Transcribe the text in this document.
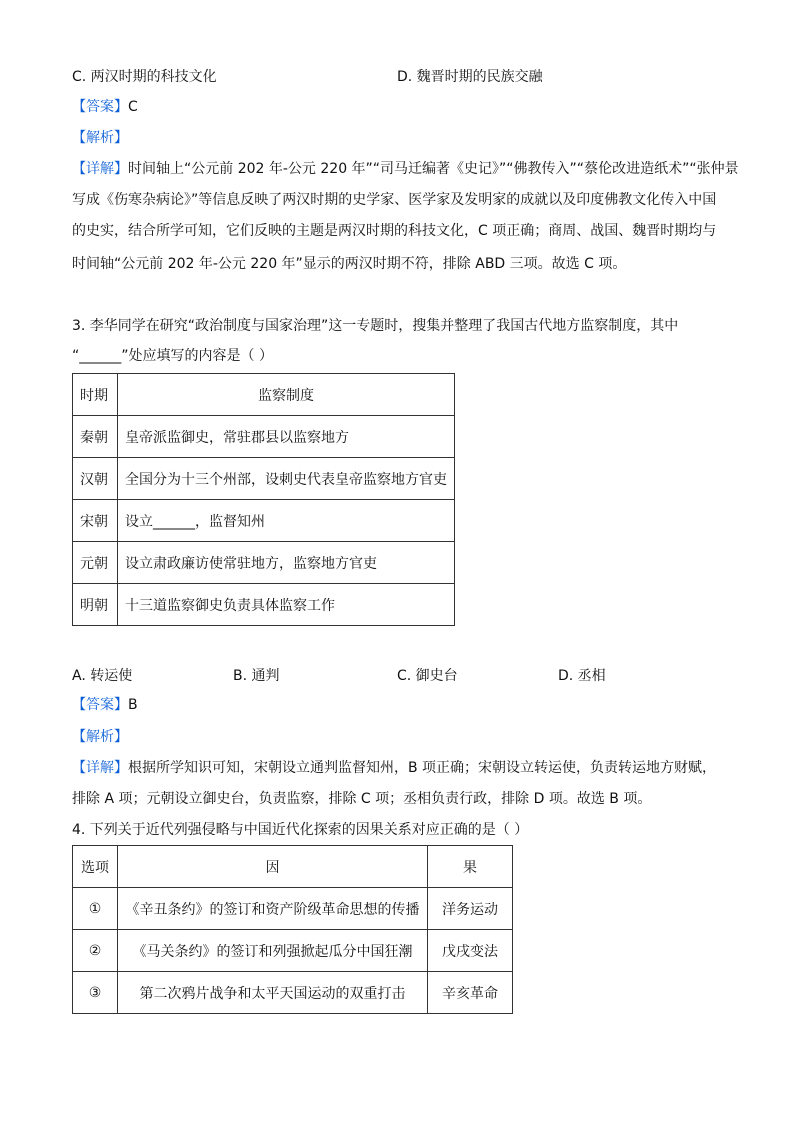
C. 两汉时期的科技文化	D. 魏晋时期的民族交融
【答案】C
【解析】
【详解】时间轴上“公元前 202 年-公元 220 年”“司马迁编著《史记》”“佛教传入”“蔡伦改进造纸术”“张仲景
写成《伤寒杂病论》”等信息反映了两汉时期的史学家、医学家及发明家的成就以及印度佛教文化传入中国
的史实，结合所学可知，它们反映的主题是两汉时期的科技文化，C 项正确；商周、战国、魏晋时期均与
时间轴“公元前 202 年-公元 220 年”显示的两汉时期不符，排除 ABD 三项。故选 C 项。
3. 李华同学在研究“政治制度与国家治理”这一专题时，搜集并整理了我国古代地方监察制度，其中
“______”处应填写的内容是（ ）
时期	监察制度
秦朝	皇帝派监御史，常驻郡县以监察地方
汉朝	全国分为十三个州部，设刺史代表皇帝监察地方官吏
宋朝	设立______，监督知州
元朝	设立肃政廉访使常驻地方，监察地方官吏
明朝	十三道监察御史负责具体监察工作
A. 转运使	B. 通判	C. 御史台	D. 丞相
【答案】B
【解析】
【详解】根据所学知识可知，宋朝设立通判监督知州，B 项正确；宋朝设立转运使，负责转运地方财赋，
排除 A 项；元朝设立御史台，负责监察，排除 C 项；丞相负责行政，排除 D 项。故选 B 项。
4. 下列关于近代列强侵略与中国近代化探索的因果关系对应正确的是（ ）
选项	因	果
①	《辛丑条约》的签订和资产阶级革命思想的传播	洋务运动
②	《马关条约》的签订和列强掀起瓜分中国狂潮	戊戌变法
③	第二次鸦片战争和太平天国运动的双重打击	辛亥革命
